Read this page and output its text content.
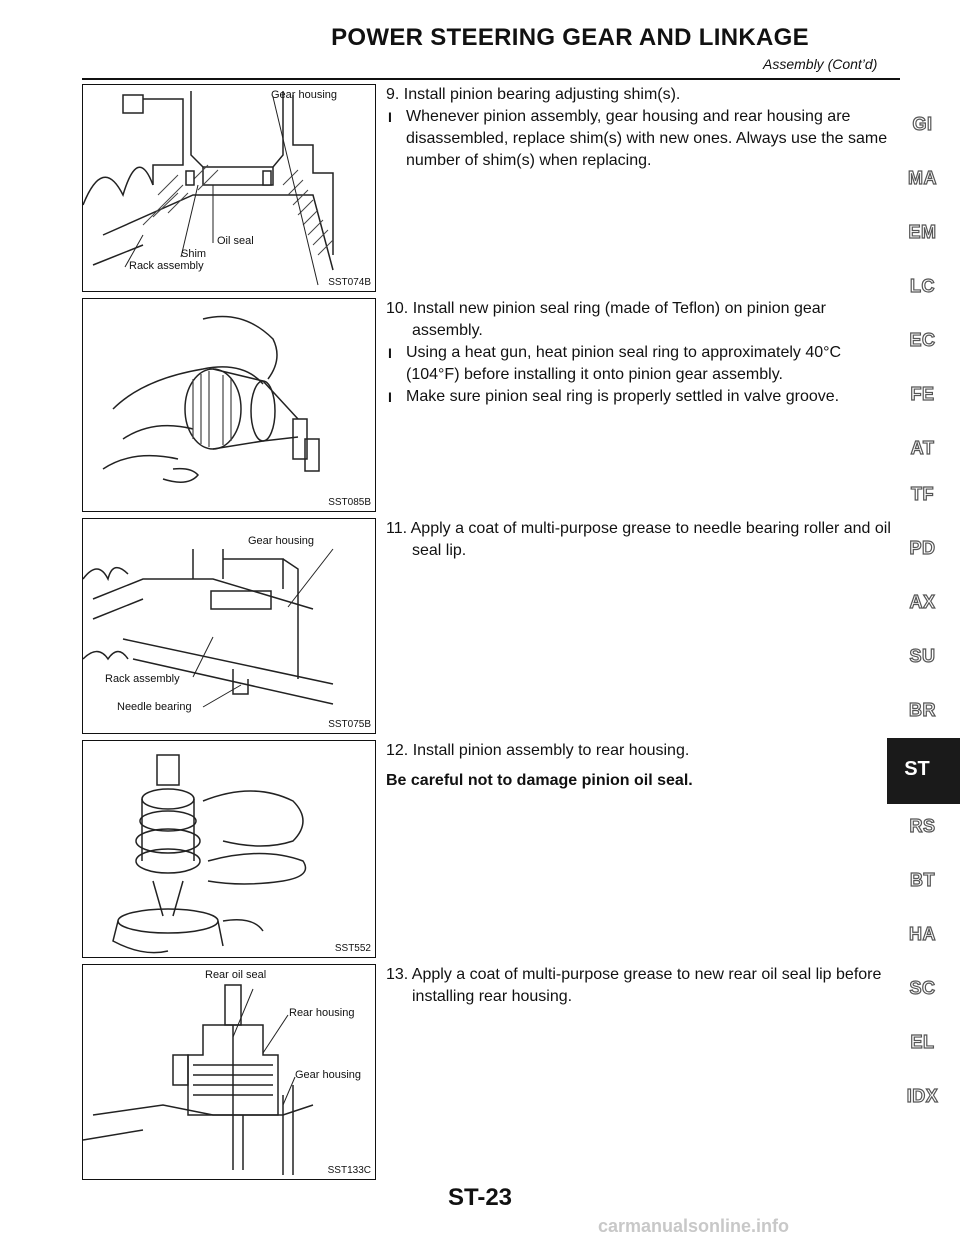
POWER STEERING GEAR AND LINKAGE
Assembly (Cont’d)
Gear housing
Oil seal
Shim
Rack assembly
SST074B
SST085B
Gear housing
Rack assembly
Needle bearing
SST075B
SST552
Rear oil seal
Rear housing
Gear housing
SST133C

9. Install pinion bearing adjusting shim(s).

I Whenever pinion assembly, gear housing and rear housing are disassembled, replace shim(s) with new ones. Always use the same number of shim(s) when replacing.

10. Install new pinion seal ring (made of Teflon) on pinion gear assembly.

I Using a heat gun, heat pinion seal ring to approximately 40°C (104°F) before installing it onto pinion gear assembly.

I Make sure pinion seal ring is properly settled in valve groove.

11. Apply a coat of multi-purpose grease to needle bearing roller and oil seal lip.

12. Install pinion assembly to rear housing.

Be careful not to damage pinion oil seal.

13. Apply a coat of multi-purpose grease to new rear oil seal lip before installing rear housing.

GI
MA
EM
LC
EC
FE
AT
TF
PD
AX
SU
BR
RS
BT
HA
SC
EL
IDX
ST
ST-23
carmanualsonline.info
